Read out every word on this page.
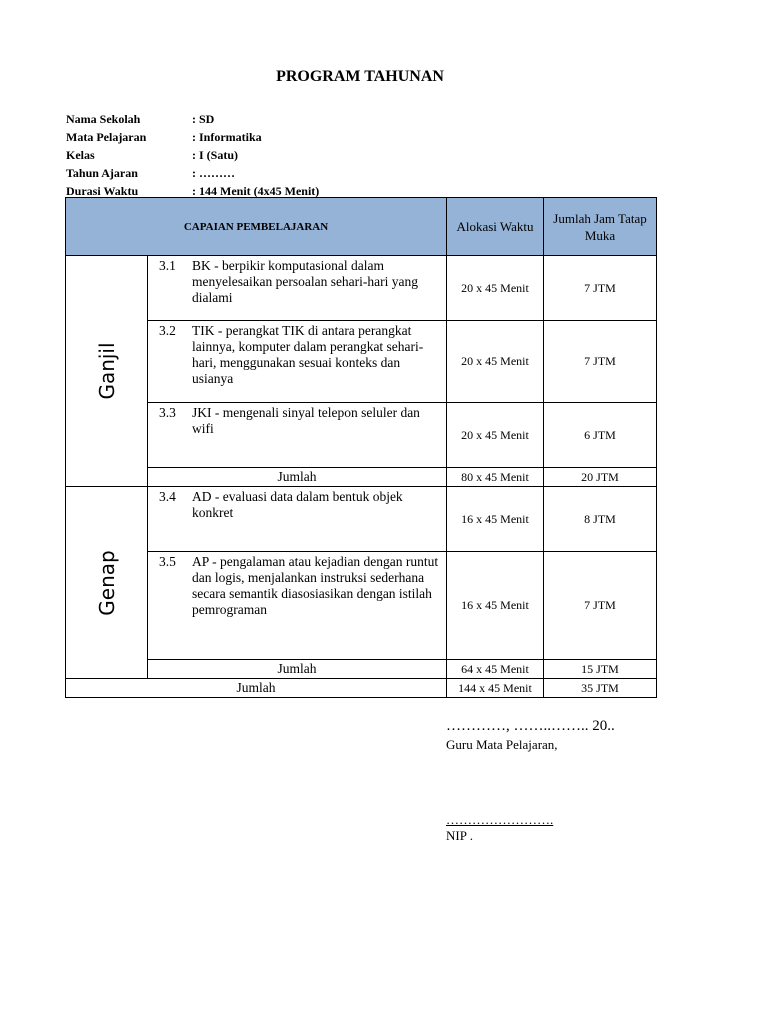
PROGRAM TAHUNAN
Nama Sekolah	: SD
Mata Pelajaran	: Informatika
Kelas	: I (Satu)
Tahun Ajaran	: ………
Durasi Waktu	: 144 Menit (4x45 Menit)
CAPAIAN PEMBELAJARAN		Alokasi Waktu	Jumlah Jam Tatap Muka

Ganjil	3.1 BK - berpikir komputasional dalam menyelesaikan persoalan sehari-hari yang dialami	20 x 45 Menit	7 JTM

	3.2 TIK - perangkat TIK di antara perangkat lainnya, komputer dalam perangkat sehari-hari, menggunakan sesuai konteks dan usianya	20 x 45 Menit	7 JTM

	3.3 JKI - mengenali sinyal telepon seluler dan wifi	20 x 45 Menit	6 JTM
	Jumlah	80 x 45 Menit	20 JTM

Genap	3.4 AD - evaluasi data dalam bentuk objek konkret	16 x 45 Menit	8 JTM

	3.5 AP - pengalaman atau kejadian dengan runtut dan logis, menjalankan instruksi sederhana secara semantik diasosiasikan dengan istilah pemrograman	16 x 45 Menit	7 JTM
	Jumlah	64 x 45 Menit	15 JTM
Jumlah		144 x 45 Menit	35 JTM
…………, ……..…….. 20..
Guru Mata Pelajaran,
…………………….
NIP .
